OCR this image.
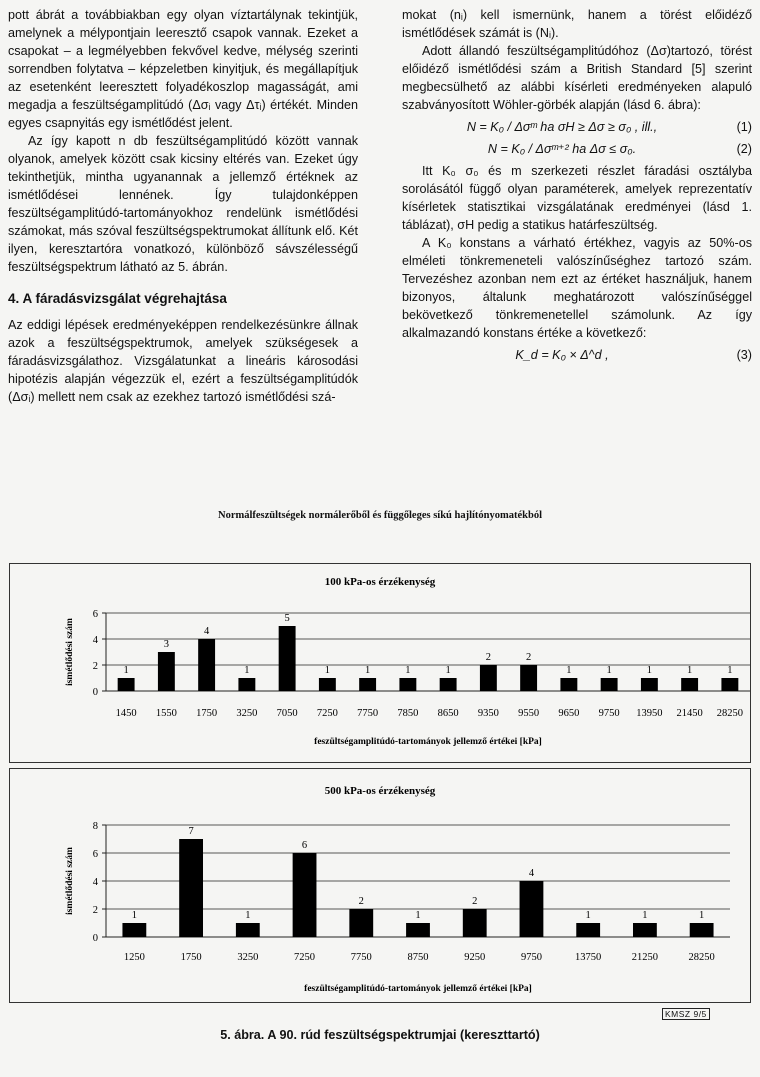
pott ábrát a továbbiakban egy olyan víztartálynak tekintjük, amelynek a mélypontjain leeresztő csapok vannak. Ezeket a csapokat – a legmélyebben fekvővel kedve, mélység szerinti sorrendben folytatva – képzeletben kinyitjuk, és megállapítjuk az esetenként leeresztett folyadékoszlop magasságát, ami megadja a feszültségamplitúdó (Δσᵢ vagy Δτᵢ) értékét. Minden egyes csapnyitás egy ismétlődést jelent.

Az így kapott n db feszültségamplitúdó között vannak olyanok, amelyek között csak kicsiny eltérés van. Ezeket úgy tekinthetjük, mintha ugyanannak a jellemző értéknek az ismétlődései lennének. Így tulajdonképpen feszültségamplitúdó-tartományokhoz rendelünk ismétlődési számokat, más szóval feszültségspektrumokat állítunk elő. Két ilyen, keresztartóra vonatkozó, különböző sávszélességű feszültségspektrum látható az 5. ábrán.

4. A fáradásvizsgálat végrehajtása

Az eddigi lépések eredményeképpen rendelkezésünkre állnak azok a feszültségspektrumok, amelyek szükségesek a fáradásvizsgálathoz. Vizsgálatunkat a lineáris károsodási hipotézis alapján végezzük el, ezért a feszültségamplitúdók (Δσᵢ) mellett nem csak az ezekhez tartozó ismétlődési szá-

mokat (nᵢ) kell ismernünk, hanem a törést előidéző ismétlődések számát is (Nᵢ).

Adott állandó feszültségamplitúdóhoz (Δσ)tartozó, törést előidéző ismétlődési szám a British Standard [5] szerint megbecsülhető az alábbi kísérleti eredményeken alapuló szabványosított Wöhler-görbék alapján (lásd 6. ábra):

N = K₀ / Δσᵐ ha σH ≥ Δσ ≥ σ₀ , ill.,	(1)

N = K₀ / Δσᵐ⁺² ha Δσ ≤ σ₀.	(2)

Itt K₀ σ₀ és m szerkezeti részlet fáradási osztályba sorolásától függő olyan paraméterek, amelyek reprezentatív kísérletek statisztikai vizsgálatának eredményei (lásd 1. táblázat), σH pedig a statikus határfeszültség.

A K₀ konstans a várható értékhez, vagyis az 50%-os elméleti tönkremeneteli valószínűséghez tartozó szám. Tervezéshez azonban nem ezt az értéket használjuk, hanem bizonyos, általunk meghatározott valószínűséggel bekövetkező tönkremenetellel számolunk. Az így alkalmazandó konstans értéke a következő:

K_d = K₀ × Δ^d ,	(3)

Normálfeszültségek normálerőből és függőleges síkú hajlítónyomatékból
100 kPa-os érzékenység
0
2
4
6
ismétlődési szám	1
1450
3
1550
4
1750
1
3250
5
7050
1
7250
1
7750
1
7850
1
8650
2
9350
2
9550
1
9650
1
9750
1
13950
1
21450
1
28250
feszültségamplitúdó-tartományok jellemző értékei [kPa]
500 kPa-os érzékenység
0
2
4
6
8
ismétlődési szám
1
1250
7
1750
1
3250
6
7250
2
7750
1
8750
2
9250
4
9750
1
13750
1
21250
1
28250
feszültségamplitúdó-tartományok jellemző értékei [kPa]
KMSZ 9/5
5. ábra. A 90. rúd feszültségspektrumjai (kereszttartó)
